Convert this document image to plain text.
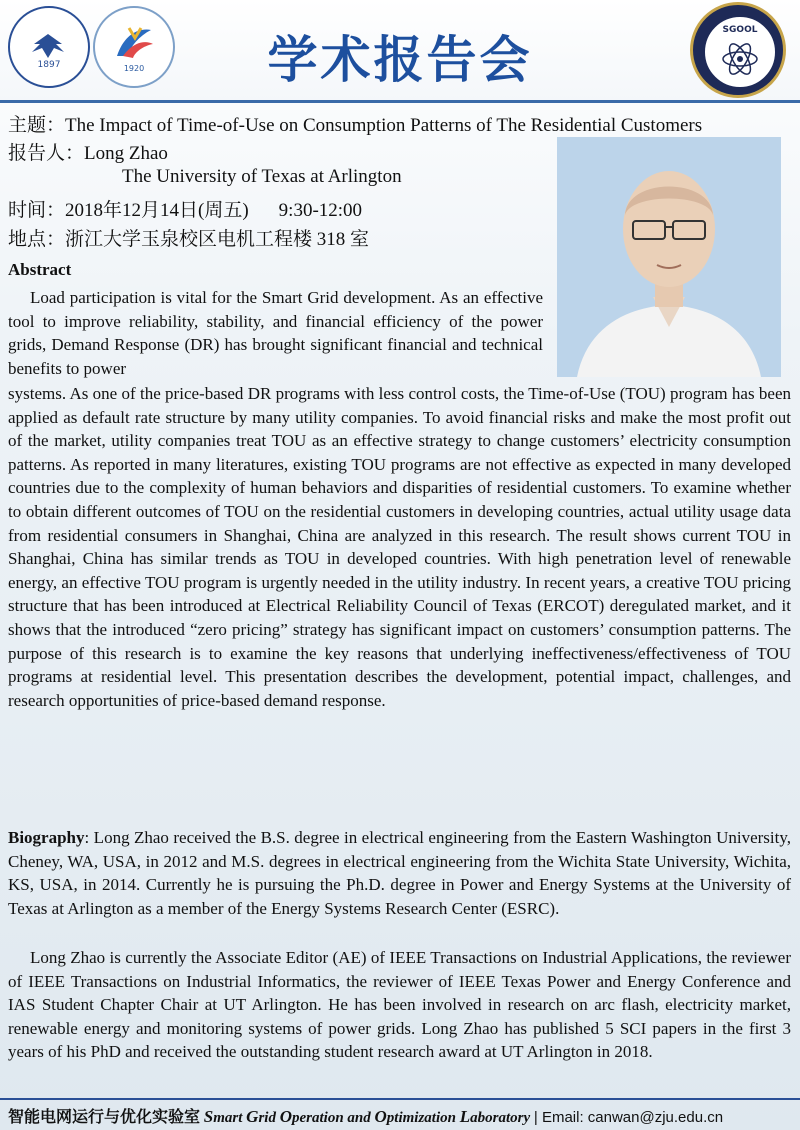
1897	1920	学术报告会
SGOOL
主题：The Impact of Time-of-Use on Consumption Patterns of The Residential Customers
报告人：Long Zhao
The University of Texas at Arlington
时间：2018年12月14日(周五) 9:30-12:00
地点：浙江大学玉泉校区电机工程楼 318 室
Abstract
Load participation is vital for the Smart Grid development. As an effective tool to improve reliability, stability, and financial efficiency of the power grids, Demand Response (DR) has brought significant financial and technical benefits to power
systems. As one of the price-based DR programs with less control costs, the Time-of-Use (TOU) program has been applied as default rate structure by many utility companies. To avoid financial risks and make the most profit out of the market, utility companies treat TOU as an effective strategy to change customers’ electricity consumption patterns. As reported in many literatures, existing TOU programs are not effective as expected in many developed countries due to the complexity of human behaviors and disparities of residential customers. To examine whether to obtain different outcomes of TOU on the residential customers in developing countries, actual utility usage data from residential consumers in Shanghai, China are analyzed in this research. The result shows current TOU in Shanghai, China has similar trends as TOU in developed countries. With high penetration level of renewable energy, an effective TOU program is urgently needed in the utility industry. In recent years, a creative TOU pricing structure that has been introduced at Electrical Reliability Council of Texas (ERCOT) deregulated market, and it shows that the introduced “zero pricing” strategy has significant impact on customers’ consumption patterns. The purpose of this research is to examine the key reasons that underlying ineffectiveness/effectiveness of TOU programs at residential level. This presentation describes the development, potential impact, challenges, and research opportunities of price-based demand response.
Biography: Long Zhao received the B.S. degree in electrical engineering from the Eastern Washington University, Cheney, WA, USA, in 2012 and M.S. degrees in electrical engineering from the Wichita State University, Wichita, KS, USA, in 2014. Currently he is pursuing the Ph.D. degree in Power and Energy Systems at the University of Texas at Arlington as a member of the Energy Systems Research Center (ESRC).
Long Zhao is currently the Associate Editor (AE) of IEEE Transactions on Industrial Applications, the reviewer of IEEE Transactions on Industrial Informatics, the reviewer of IEEE Texas Power and Energy Conference and IAS Student Chapter Chair at UT Arlington. He has been involved in research on arc flash, electricity market, renewable energy and monitoring systems of power grids. Long Zhao has published 5 SCI papers in the first 3 years of his PhD and received the outstanding student research award at UT Arlington in 2018.
智能电网运行与优化实验室 Smart Grid Operation and Optimization Laboratory | Email: canwan@zju.edu.cn
